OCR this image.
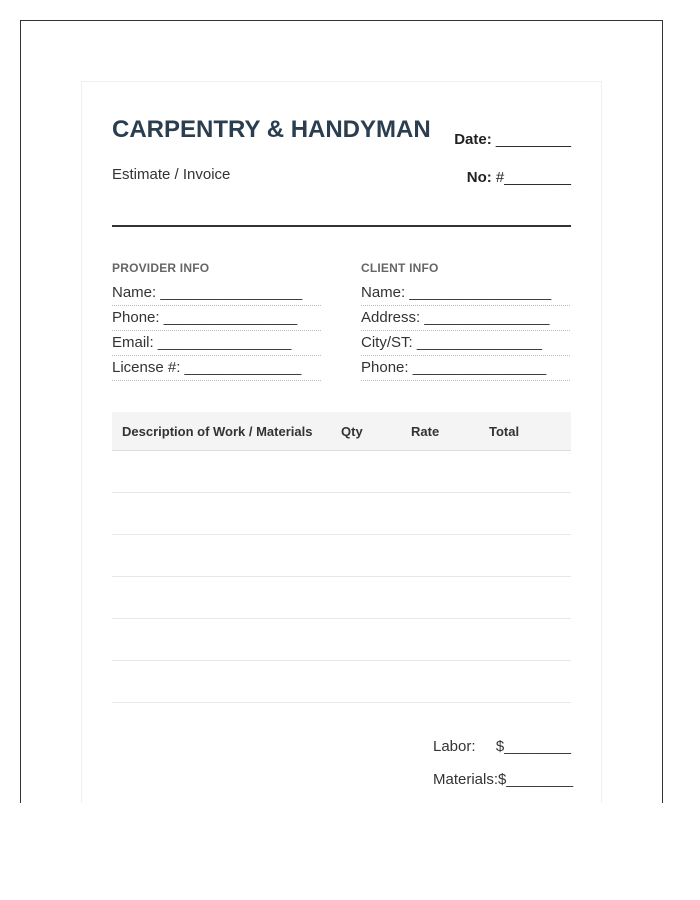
CARPENTRY & HANDYMAN
Estimate / Invoice
Date: _________
No: #________
PROVIDER INFO
Name: _________________
Phone: ________________
Email: ________________
License #: ______________
CLIENT INFO
Name: _________________
Address: _______________
City/ST: _______________
Phone: ________________
Description of Work / Materials	Qty	Rate	Total
Labor:	$________
Materials: $________
